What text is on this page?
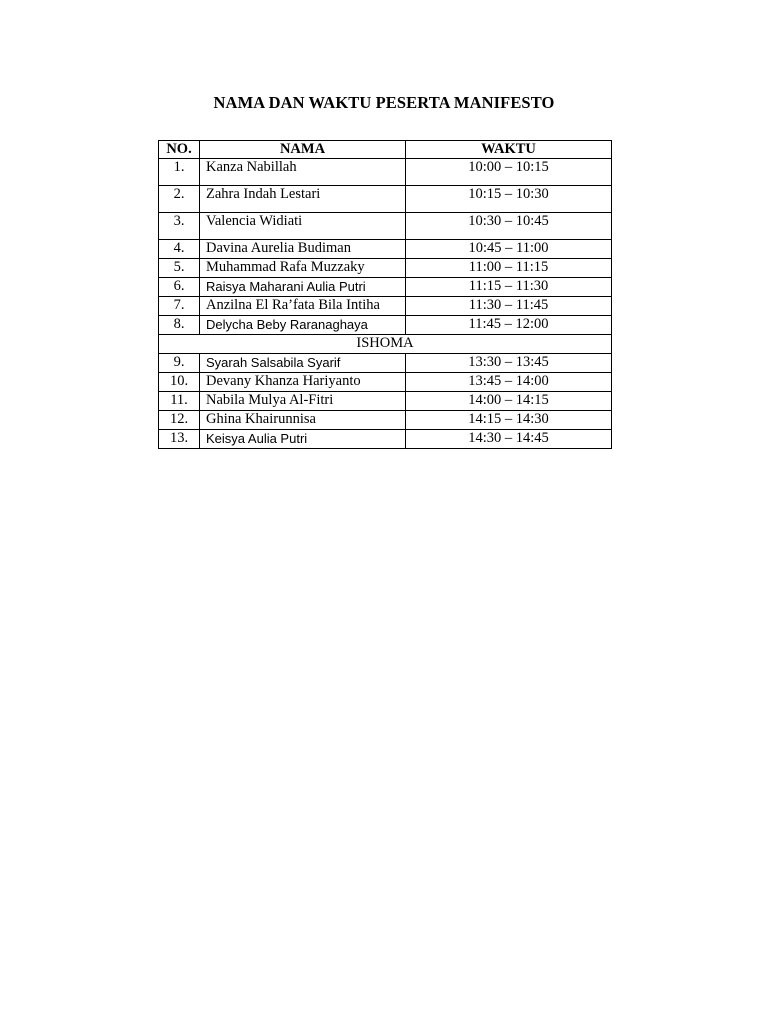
NAMA DAN WAKTU PESERTA MANIFESTO
NO.	NAMA	WAKTU
1.	Kanza Nabillah	10:00 – 10:15
2.	Zahra Indah Lestari	10:15 – 10:30
3.	Valencia Widiati	10:30 – 10:45
4.	Davina Aurelia Budiman	10:45 – 11:00
5.	Muhammad Rafa Muzzaky	11:00 – 11:15
6.	Raisya Maharani Aulia Putri	11:15 – 11:30
7.	Anzilna El Ra’fata Bila Intiha	11:30 – 11:45
8.	Delycha Beby Raranaghaya	11:45 – 12:00
ISHOMA		
9.	Syarah Salsabila Syarif	13:30 – 13:45
10.	Devany Khanza Hariyanto	13:45 – 14:00
11.	Nabila Mulya Al-Fitri	14:00 – 14:15
12.	Ghina Khairunnisa	14:15 – 14:30
13.	Keisya Aulia Putri	14:30 – 14:45
